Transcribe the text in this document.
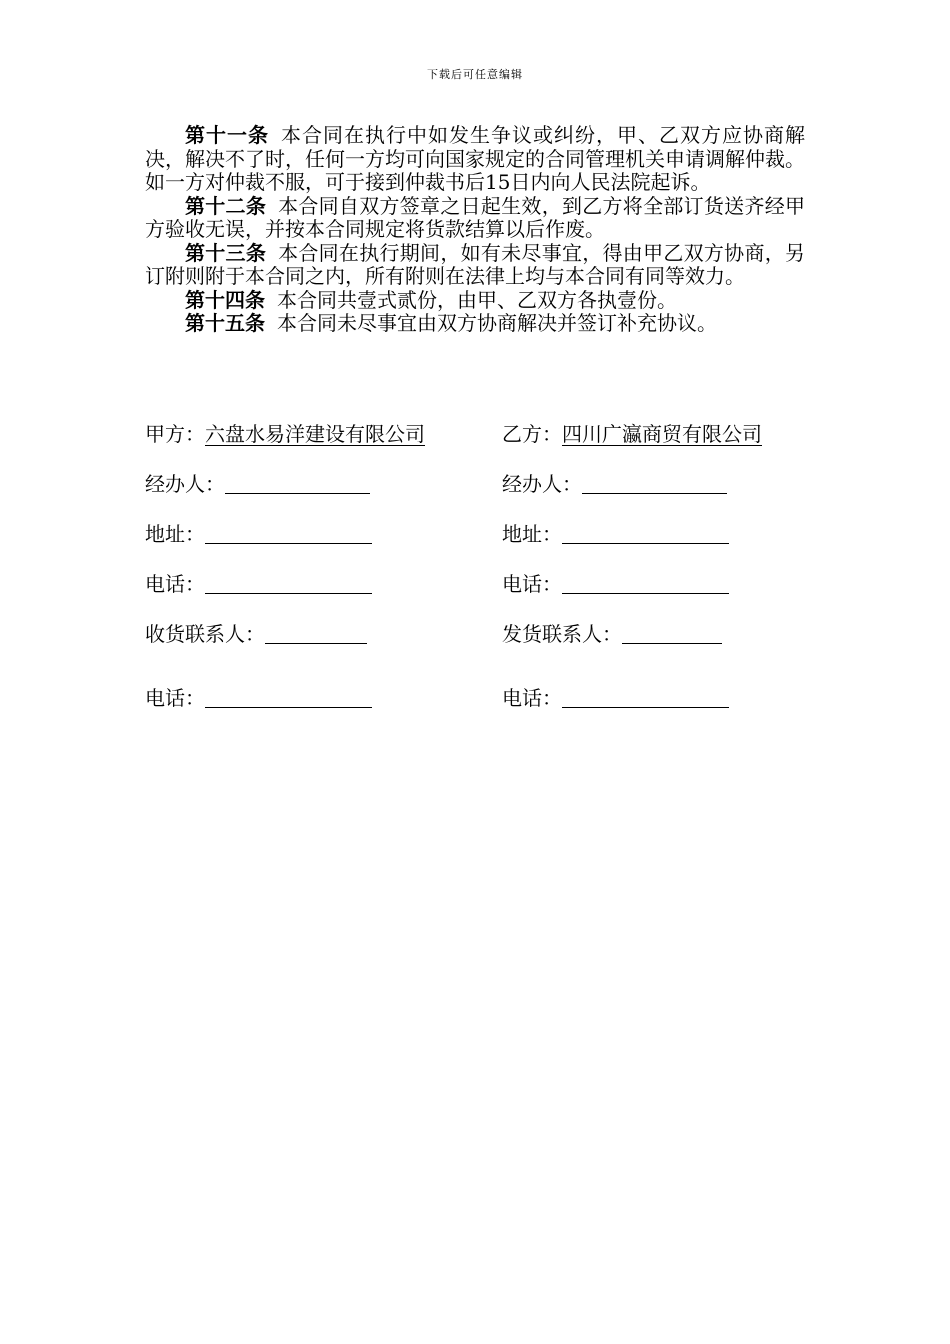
下载后可任意编辑

第十一条 本合同在执行中如发生争议或纠纷，甲、乙双方应协商解决，解决不了时，任何一方均可向国家规定的合同管理机关申请调解仲裁。如一方对仲裁不服，可于接到仲裁书后15日内向人民法院起诉。

第十二条 本合同自双方签章之日起生效，到乙方将全部订货送齐经甲方验收无误，并按本合同规定将货款结算以后作废。

第十三条 本合同在执行期间，如有未尽事宜，得由甲乙双方协商，另订附则附于本合同之内，所有附则在法律上均与本合同有同等效力。

第十四条 本合同共壹式贰份，由甲、乙双方各执壹份。

第十五条 本合同未尽事宜由双方协商解决并签订补充协议。

甲方： 六盘水易洋建设有限公司	乙方： 四川广瀛商贸有限公司
经办人：	经办人：
地址：	地址：
电话：	电话：
收货联系人：	发货联系人：
电话：	电话：
